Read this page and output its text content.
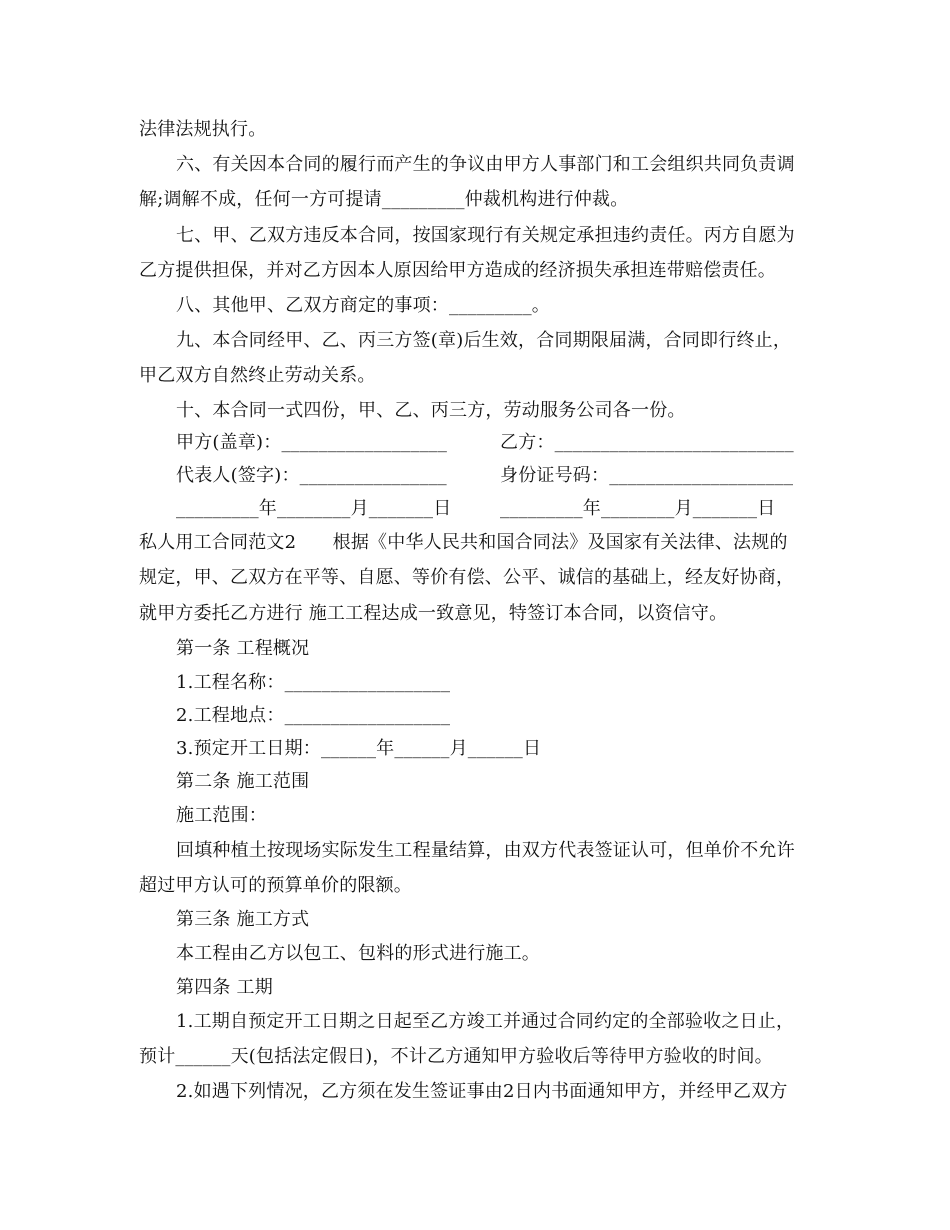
法律法规执行。
六、有关因本合同的履行而产生的争议由甲方人事部门和工会组织共同负责调
解;调解不成，任何一方可提请_________仲裁机构进行仲裁。
七、甲、乙双方违反本合同，按国家现行有关规定承担违约责任。丙方自愿为
乙方提供担保，并对乙方因本人原因给甲方造成的经济损失承担连带赔偿责任。
八、其他甲、乙双方商定的事项：_________。
九、本合同经甲、乙、丙三方签(章)后生效，合同期限届满，合同即行终止，
甲乙双方自然终止劳动关系。
十、本合同一式四份，甲、乙、丙三方，劳动服务公司各一份。
甲方(盖章)：__________________	乙方：__________________________
代表人(签字)：________________	身份证号码：____________________
_________年________月_______日	_________年________月_______日
私人用工合同范文2　　根据《中华人民共和国合同法》及国家有关法律、法规的
规定，甲、乙双方在平等、自愿、等价有偿、公平、诚信的基础上，经友好协商，
就甲方委托乙方进行 施工工程达成一致意见，特签订本合同，以资信守。
第一条 工程概况
1.工程名称：__________________
2.工程地点：__________________
3.预定开工日期：______年______月______日
第二条 施工范围
施工范围：
回填种植土按现场实际发生工程量结算，由双方代表签证认可，但单价不允许
超过甲方认可的预算单价的限额。
第三条 施工方式
本工程由乙方以包工、包料的形式进行施工。
第四条 工期
1.工期自预定开工日期之日起至乙方竣工并通过合同约定的全部验收之日止，
预计______天(包括法定假日)，不计乙方通知甲方验收后等待甲方验收的时间。
2.如遇下列情况，乙方须在发生签证事由2日内书面通知甲方，并经甲乙双方
